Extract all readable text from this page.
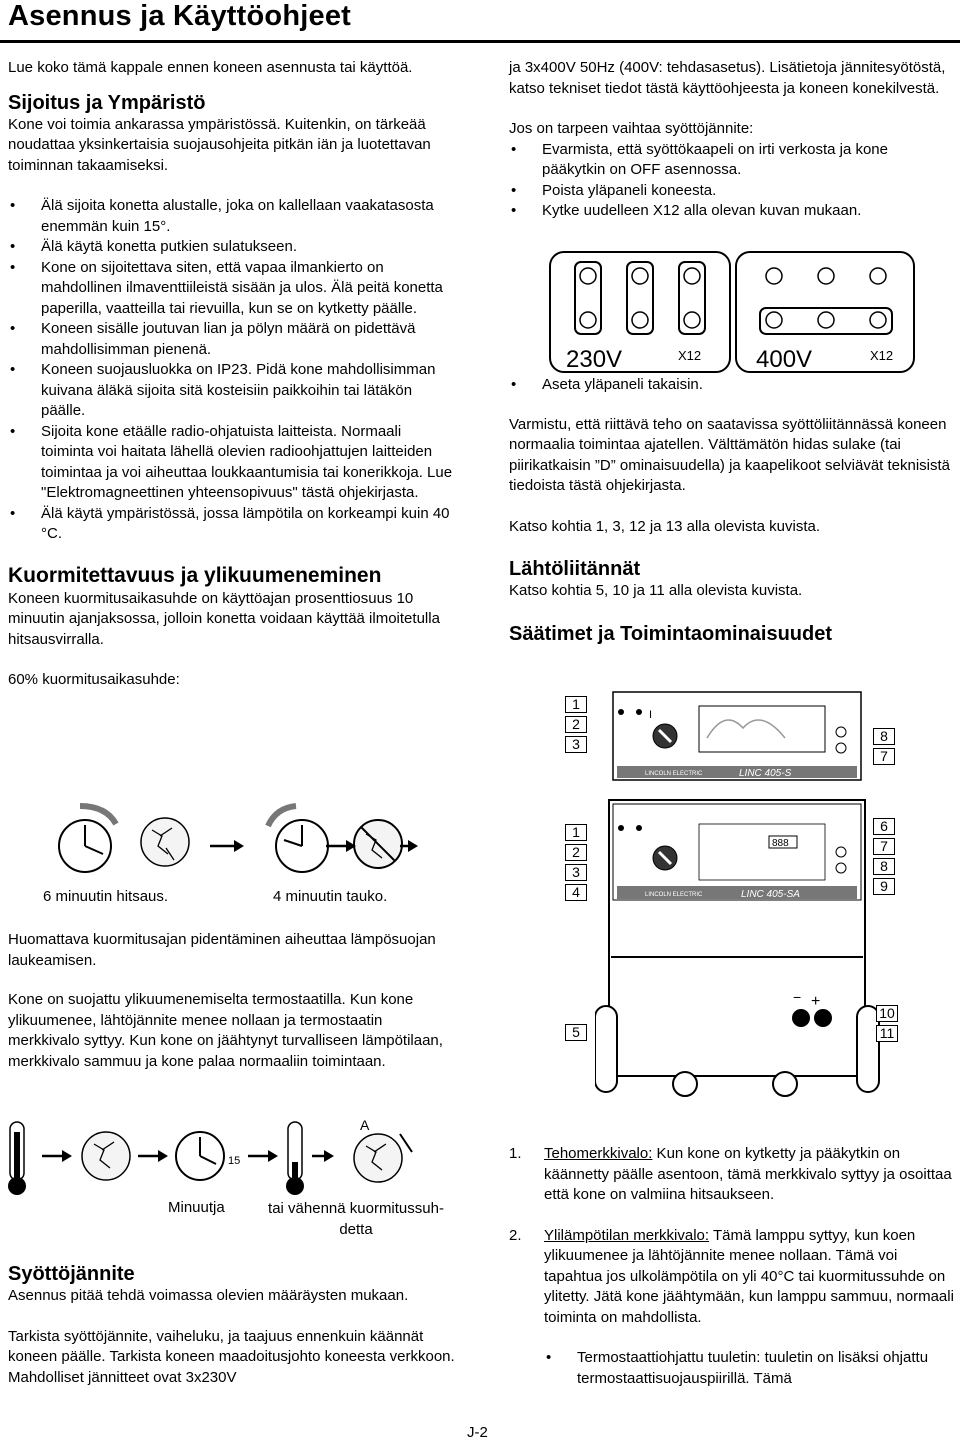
Asennus ja Käyttöohjeet

Lue koko tämä kappale ennen koneen asennusta tai käyttöä.

Sijoitus ja Ympäristö

Kone voi toimia ankarassa ympäristössä. Kuitenkin, on tärkeää noudattaa yksinkertaisia suojausohjeita pitkän iän ja luotettavan toiminnan takaamiseksi.

• Älä sijoita konetta alustalle, joka on kallellaan vaakatasosta enemmän kuin 15°.
• Älä käytä konetta putkien sulatukseen.
• Kone on sijoitettava siten, että vapaa ilmankierto on mahdollinen ilmaventtiileistä sisään ja ulos. Älä peitä konetta paperilla, vaatteilla tai rievuilla, kun se on kytketty päälle.
• Koneen sisälle joutuvan lian ja pölyn määrä on pidettävä mahdollisimman pienenä.
• Koneen suojausluokka on IP23. Pidä kone mahdollisimman kuivana äläkä sijoita sitä kosteisiin paikkoihin tai lätäkön päälle.
• Sijoita kone etäälle radio-ohjatuista laitteista. Normaali toiminta voi haitata lähellä olevien radioohjattujen laitteiden toimintaa ja voi aiheuttaa loukkaantumisia tai konerikkoja. Lue "Elektromagneettinen yhteensopivuus" tästä ohjekirjasta.
• Älä käytä ympäristössä, jossa lämpötila on korkeampi kuin 40 °C.
Kuormitettavuus ja ylikuumeneminen

Koneen kuormitusaikasuhde on käyttöajan prosenttiosuus 10 minuutin ajanjaksossa, jolloin konetta voidaan käyttää ilmoitetulla hitsausvirralla.

60% kuormitusaikasuhde:

6 minuutin hitsaus.	4 minuutin tauko.

Huomattava kuormitusajan pidentäminen aiheuttaa lämpösuojan laukeamisen.

Kone on suojattu ylikuumenemiselta termostaatilla. Kun kone ylikuumenee, lähtöjännite menee nollaan ja termostaatin merkkivalo syttyy. Kun kone on jäähtynyt turvalliseen lämpötilaan, merkkivalo sammuu ja kone palaa normaaliin toimintaan.

15
A
Minuutja	tai vähennä kuormitussuh-detta
Syöttöjännite

Asennus pitää tehdä voimassa olevien määräysten mukaan.

Tarkista syöttöjännite, vaiheluku, ja taajuus ennenkuin käännät koneen päälle. Tarkista koneen maadoitusjohto koneesta verkkoon. Mahdolliset jännitteet ovat 3x230V

ja 3x400V 50Hz (400V: tehdasasetus). Lisätietoja jännitesyötöstä, katso tekniset tiedot tästä käyttöohjeesta ja koneen konekilvestä.

Jos on tarpeen vaihtaa syöttöjännite:

• Evarmista, että syöttökaapeli on irti verkosta ja kone pääkytkin on OFF asennossa.
• Poista yläpaneli koneesta.
• Kytke uudelleen X12 alla olevan kuvan mukaan.
230V	X12 400V	X12
• Aseta yläpaneli takaisin.

Varmistu, että riittävä teho on saatavissa syöttöliitännässä koneen normaalia toimintaa ajatellen. Välttämätön hidas sulake (tai piirikatkaisin ”D” ominaisuudella) ja kaapelikoot selviävät teknisistä tiedoista tästä ohjekirjasta.

Katso kohtia 1, 3, 12 ja 13 alla olevista kuvista.

Lähtöliitännät

Katso kohtia 5, 10 ja 11 alla olevista kuvista.

Säätimet ja Toimintaominaisuudet
I
LINCOLN ELECTRIC	LINC 405-S
LINCOLN ELECTRIC	LINC 405-SA
888
− +
1
2
3	8
7
1
2
3
4
6
7
8
9
5
10
11
1. Tehomerkkivalo: Kun kone on kytketty ja pääkytkin on käännetty päälle asentoon, tämä merkkivalo syttyy ja osoittaa että kone on valmiina hitsaukseen.
2. Ylilämpötilan merkkivalo: Tämä lamppu syttyy, kun koen ylikuumenee ja lähtöjännite menee nollaan. Tämä voi tapahtua jos ulkolämpötila on yli 40°C tai kuormitussuhde on ylitetty. Jätä kone jäähtymään, kun lamppu sammuu, normaali toiminta on mahdollista.
• Termostaattiohjattu tuuletin: tuuletin on lisäksi ohjattu termostaattisuojauspiirillä. Tämä
J-2
